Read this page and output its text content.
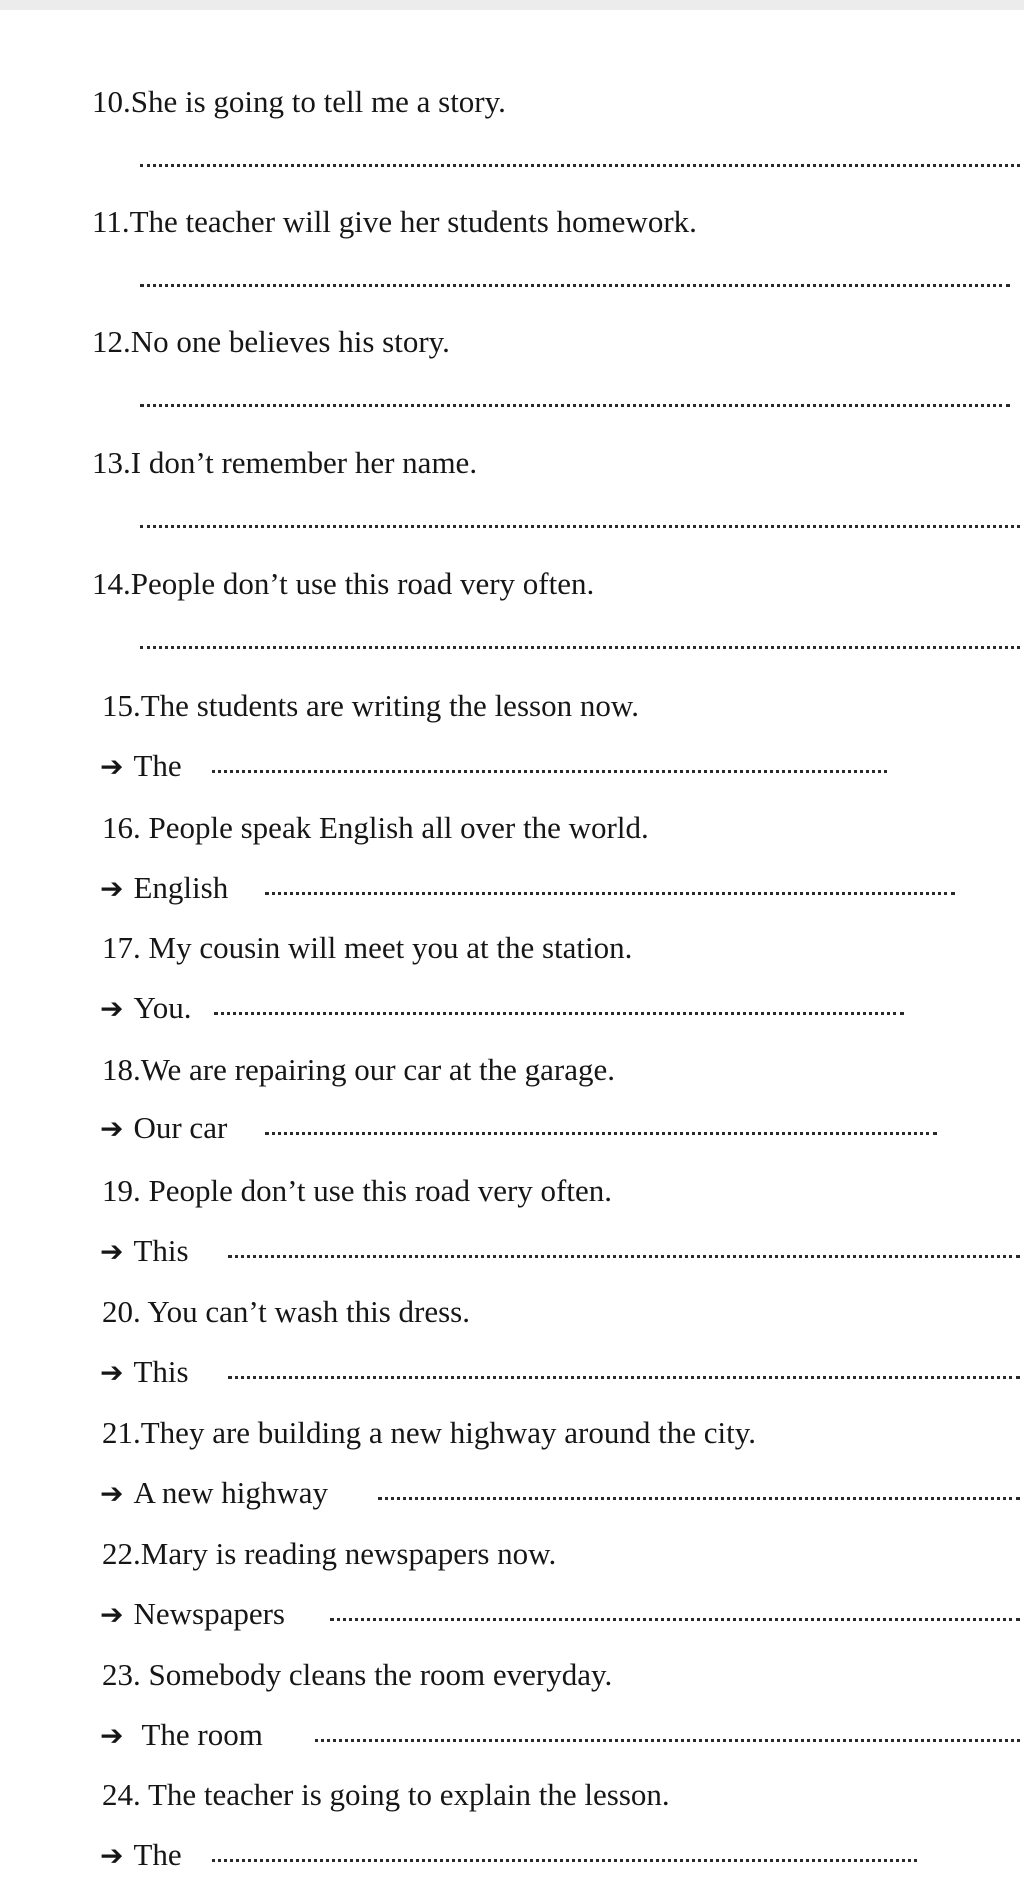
10.She is going to tell me a story.
11.The teacher will give her students homework.
12.No one believes his story.
13.I don’t remember her name.
14.People don’t use this road very often.
15.The students are writing the lesson now.
➔ The
16. People speak English all over the world.
➔ English
17. My cousin will meet you at the station.
➔ You.
18.We are repairing our car at the garage.
➔ Our car
19. People don’t use this road very often.
➔ This
20. You can’t wash this dress.
➔ This
21.They are building a new highway around the city.
➔ A new highway
22.Mary is reading newspapers now.
➔ Newspapers
23. Somebody cleans the room everyday.
➔ The room
24. The teacher is going to explain the lesson.
➔ The
